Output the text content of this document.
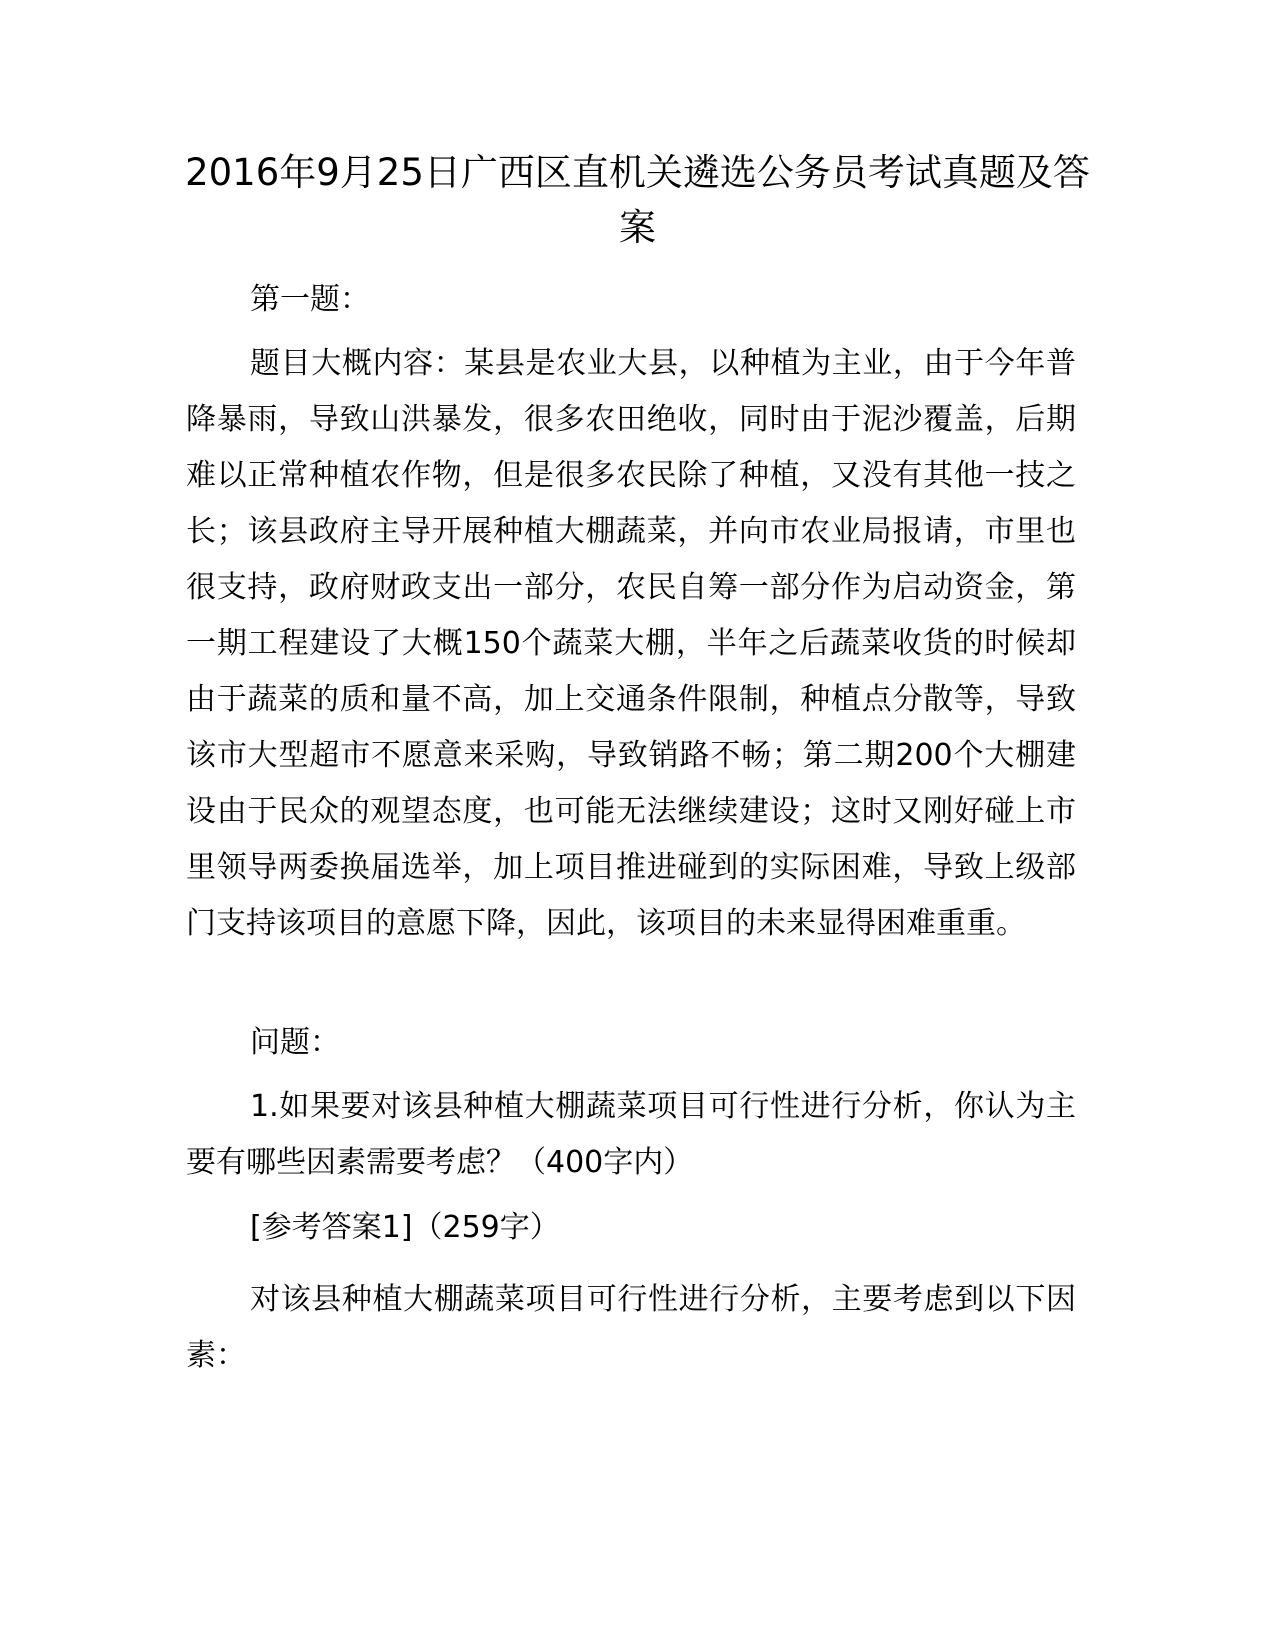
2016年9月25日广西区直机关遴选公务员考试真题及答案

第一题：

题目大概内容：某县是农业大县，以种植为主业，由于今年普降暴雨，导致山洪暴发，很多农田绝收，同时由于泥沙覆盖，后期难以正常种植农作物，但是很多农民除了种植，又没有其他一技之长；该县政府主导开展种植大棚蔬菜，并向市农业局报请，市里也很支持，政府财政支出一部分，农民自筹一部分作为启动资金，第一期工程建设了大概150个蔬菜大棚，半年之后蔬菜收货的时候却由于蔬菜的质和量不高，加上交通条件限制，种植点分散等，导致该市大型超市不愿意来采购，导致销路不畅；第二期200个大棚建设由于民众的观望态度，也可能无法继续建设；这时又刚好碰上市里领导两委换届选举，加上项目推进碰到的实际困难，导致上级部门支持该项目的意愿下降，因此，该项目的未来显得困难重重。

问题：

1.如果要对该县种植大棚蔬菜项目可行性进行分析，你认为主要有哪些因素需要考虑？（400字内）

[参考答案1]（259字）

对该县种植大棚蔬菜项目可行性进行分析，主要考虑到以下因素：
